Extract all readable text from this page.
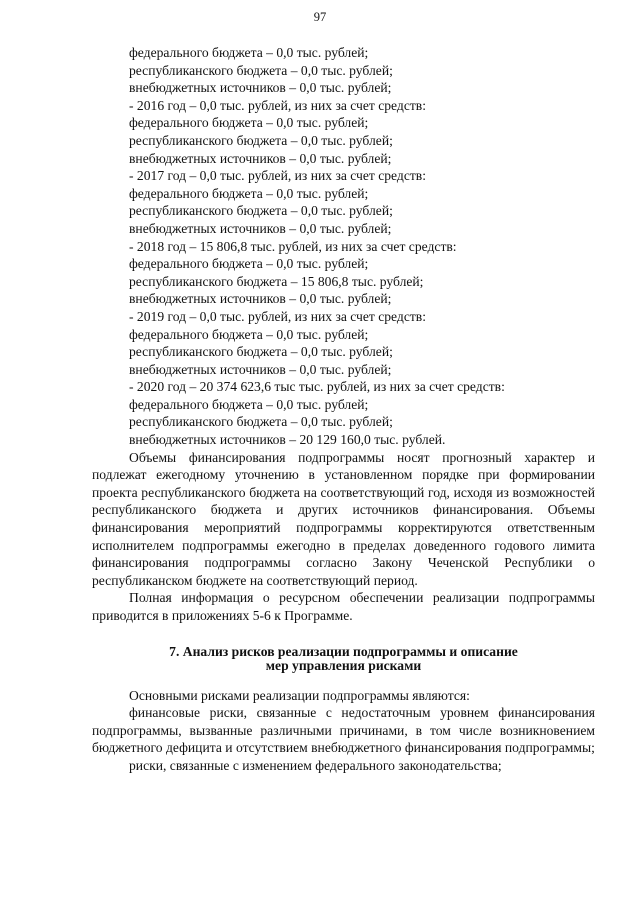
97
федерального бюджета – 0,0 тыс. рублей;
республиканского бюджета – 0,0 тыс. рублей;
внебюджетных источников – 0,0 тыс. рублей;
- 2016 год – 0,0 тыс. рублей, из них за счет средств:
федерального бюджета – 0,0 тыс. рублей;
республиканского бюджета – 0,0 тыс. рублей;
внебюджетных источников – 0,0 тыс. рублей;
- 2017 год – 0,0 тыс. рублей, из них за счет средств:
федерального бюджета – 0,0 тыс. рублей;
республиканского бюджета – 0,0 тыс. рублей;
внебюджетных источников – 0,0 тыс. рублей;
- 2018 год – 15 806,8 тыс. рублей, из них за счет средств:
федерального бюджета – 0,0 тыс. рублей;
республиканского бюджета – 15 806,8 тыс. рублей;
внебюджетных источников – 0,0 тыс. рублей;
- 2019 год – 0,0 тыс. рублей, из них за счет средств:
федерального бюджета – 0,0 тыс. рублей;
республиканского бюджета – 0,0 тыс. рублей;
внебюджетных источников – 0,0 тыс. рублей;
- 2020 год – 20 374 623,6 тыс тыс. рублей, из них за счет средств:
федерального бюджета – 0,0 тыс. рублей;
республиканского бюджета – 0,0 тыс. рублей;
внебюджетных источников – 20 129 160,0 тыс. рублей.

Объемы финансирования подпрограммы носят прогнозный характер и подлежат ежегодному уточнению в установленном порядке при формировании проекта республиканского бюджета на соответствующий год, исходя из возможностей республиканского бюджета и других источников финансирования. Объемы финансирования мероприятий подпрограммы корректируются ответственным исполнителем подпрограммы ежегодно в пределах доведенного годового лимита финансирования подпрограммы согласно Закону Чеченской Республики о республиканском бюджете на соответствующий период.

Полная информация о ресурсном обеспечении реализации подпрограммы приводится в приложениях 5-6 к Программе.

7. Анализ рисков реализации подпрограммы и описание
мер управления рисками

Основными рисками реализации подпрограммы являются:

финансовые риски, связанные с недостаточным уровнем финансирования подпрограммы, вызванные различными причинами, в том числе возникновением бюджетного дефицита и отсутствием внебюджетного финансирования подпрограммы;

риски, связанные с изменением федерального законодательства;
